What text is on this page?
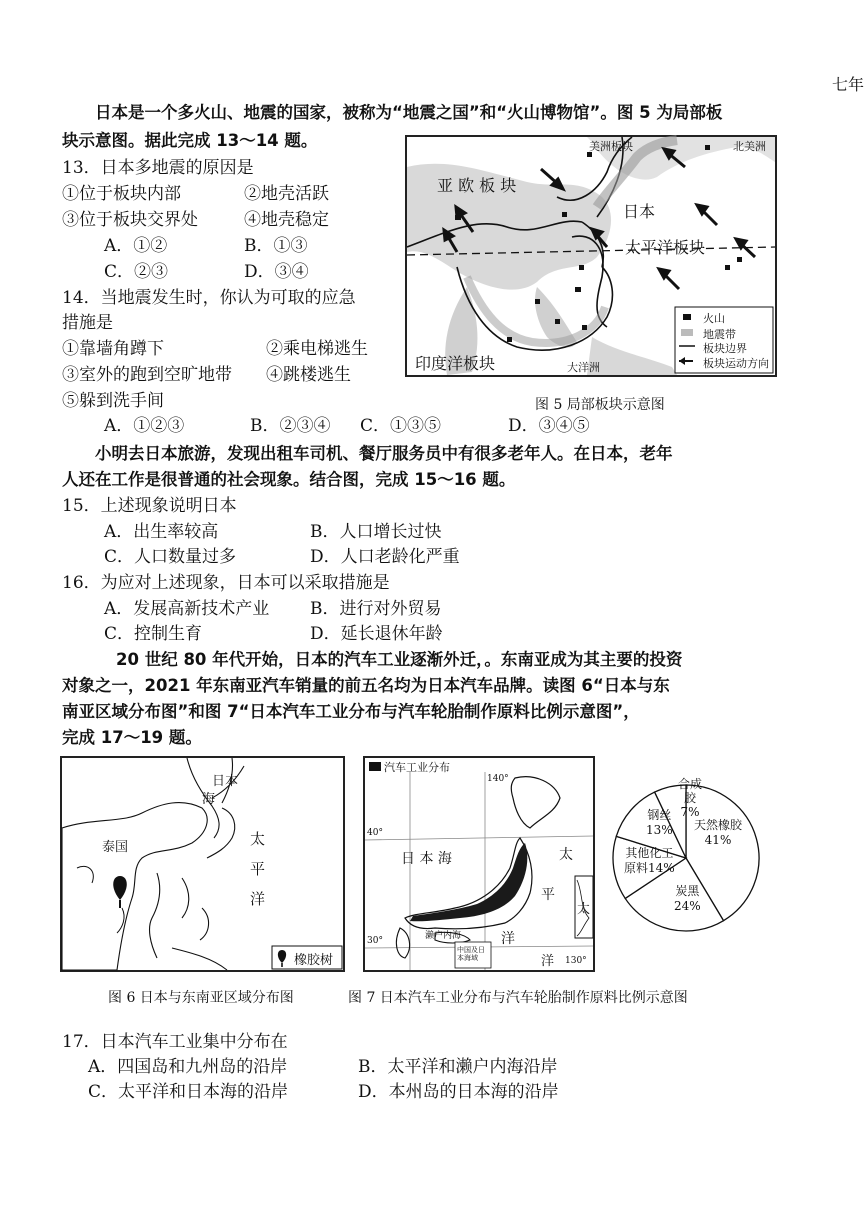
七年
日本是一个多火山、地震的国家，被称为“地震之国”和“火山博物馆”。图 5 为局部板
块示意图。据此完成 13～14 题。
13．日本多地震的原因是
①位于板块内部	②地壳活跃
③位于板块交界处	④地壳稳定
A．①②	B．①③
C．②③	D．③④
14．当地震发生时，你认为可取的应急
措施是
①靠墙角蹲下	②乘电梯逃生
③室外的跑到空旷地带 ④跳楼逃生
⑤躲到洗手间
A．①②③	B．②③④ C．①③⑤	D．③④⑤
亚 欧 板 块
日本
太平洋板块
印度洋板块
美洲板块	北美洲
大洋洲
火山
地震带
板块边界
板块运动方向
图 5 局部板块示意图
小明去日本旅游，发现出租车司机、餐厅服务员中有很多老年人。在日本，老年
人还在工作是很普通的社会现象。结合图，完成 15～16 题。
15．上述现象说明日本
A．出生率较高	B．人口增长过快
C．人口数量过多	D．人口老龄化严重
16．为应对上述现象，日本可以采取措施是
A．发展高新技术产业 B．进行对外贸易
C．控制生育	D．延长退休年龄
20 世纪 80 年代开始，日本的汽车工业逐渐外迁，。东南亚成为其主要的投资
对象之一，2021 年东南亚汽车销量的前五名均为日本汽车品牌。读图 6“日本与东
南亚区域分布图”和图 7“日本汽车工业分布与汽车轮胎制作原料比例示意图”，
完成 17～19 题。
日本
海
泰国	太
平
洋
橡胶树
汽车工业分布
40°
30°
140°
130°
日 本 海	太
平
洋
太
洋
濑户内海
中国及日本海域
天然橡胶
41%
炭黑
24%
其他化工
原料14%
钢丝
13%
合成
胶
7%
图 6 日本与东南亚区域分布图	图 7 日本汽车工业分布与汽车轮胎制作原料比例示意图
17．日本汽车工业集中分布在
A．四国岛和九州岛的沿岸	B．太平洋和濑户内海沿岸
C．太平洋和日本海的沿岸	D．本州岛的日本海的沿岸
